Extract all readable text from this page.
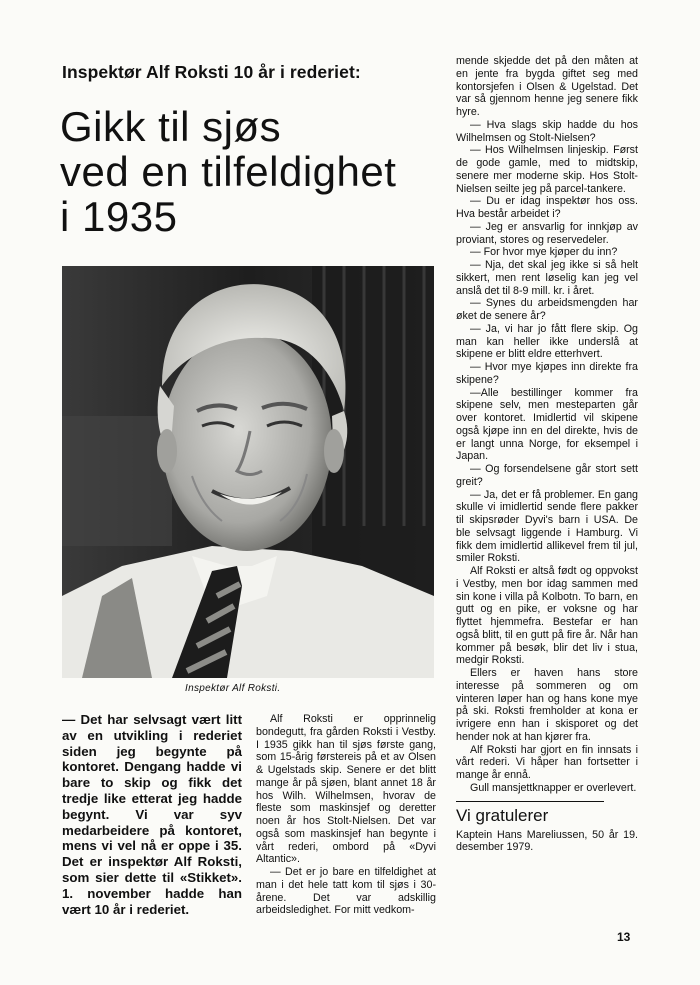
Inspektør Alf Roksti 10 år i rederiet:
Gikk til sjøs
ved en tilfeldighet
i 1935
Inspektør Alf Roksti.
— Det har selvsagt vært litt av en utvikling i rederiet siden jeg begynte på kontoret. Dengang hadde vi bare to skip og fikk det tredje like etterat jeg hadde begynt. Vi var syv medarbeidere på kontoret, mens vi vel nå er oppe i 35. Det er inspektør Alf Roksti, som sier dette til «Stikket». 1. november hadde han vært 10 år i rederiet.

Alf Roksti er opprinnelig bondegutt, fra gården Roksti i Vestby. I 1935 gikk han til sjøs første gang, som 15-årig førstereis på et av Olsen & Ugelstads skip. Senere er det blitt mange år på sjøen, blant annet 18 år hos Wilh. Wilhelmsen, hvorav de fleste som maskinsjef og deretter noen år hos Stolt-Nielsen. Det var også som maskinsjef han begynte i vårt rederi, ombord på «Dyvi Altantic».

— Det er jo bare en tilfeldighet at man i det hele tatt kom til sjøs i 30-årene. Det var adskillig arbeidsledighet. For mitt vedkom-

mende skjedde det på den måten at en jente fra bygda giftet seg med kontorsjefen i Olsen & Ugelstad. Det var så gjennom henne jeg senere fikk hyre.

— Hva slags skip hadde du hos Wilhelmsen og Stolt-Nielsen?

— Hos Wilhelmsen linjeskip. Først de gode gamle, med to midtskip, senere mer moderne skip. Hos Stolt-Nielsen seilte jeg på parcel-tankere.

— Du er idag inspektør hos oss. Hva består arbeidet i?

— Jeg er ansvarlig for innkjøp av proviant, stores og reservedeler.

— For hvor mye kjøper du inn?

— Nja, det skal jeg ikke si så helt sikkert, men rent løselig kan jeg vel anslå det til 8-9 mill. kr. i året.

— Synes du arbeidsmengden har øket de senere år?

— Ja, vi har jo fått flere skip. Og man kan heller ikke underslå at skipene er blitt eldre etterhvert.

— Hvor mye kjøpes inn direkte fra skipene?

—Alle bestillinger kommer fra skipene selv, men mesteparten går over kontoret. Imidlertid vil skipene også kjøpe inn en del direkte, hvis de er langt unna Norge, for eksempel i Japan.

— Og forsendelsene går stort sett greit?

— Ja, det er få problemer. En gang skulle vi imidlertid sende flere pakker til skipsrøder Dyvi's barn i USA. De ble selvsagt liggende i Hamburg. Vi fikk dem imidlertid allikevel frem til jul, smiler Roksti.

Alf Roksti er altså født og oppvokst i Vestby, men bor idag sammen med sin kone i villa på Kolbotn. To barn, en gutt og en pike, er voksne og har flyttet hjemmefra. Bestefar er han også blitt, til en gutt på fire år. Når han kommer på besøk, blir det liv i stua, medgir Roksti.

Ellers er haven hans store interesse på sommeren og om vinteren løper han og hans kone mye på ski. Roksti fremholder at kona er ivrigere enn han i skisporet og det hender nok at han kjører fra.

Alf Roksti har gjort en fin innsats i vårt rederi. Vi håper han fortsetter i mange år ennå.

Gull mansjettknapper er overlevert.

Vi gratulerer

Kaptein Hans Mareliussen, 50 år 19. desember 1979.

13
